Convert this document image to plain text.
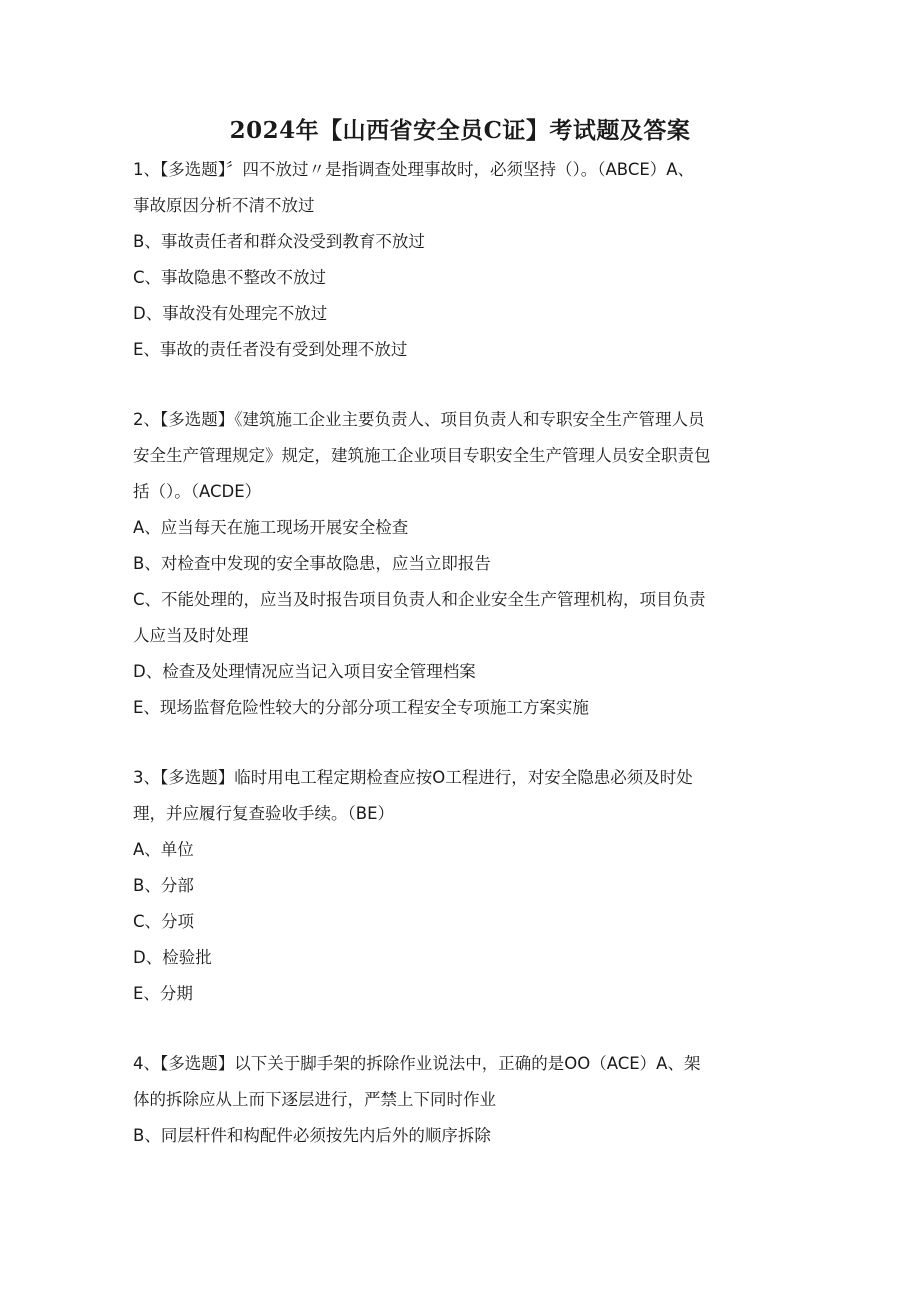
2024年【山西省安全员C证】考试题及答案

1、【多选题】〞四不放过〃是指调查处理事故时，必须坚持（）。（ABCE）A、
事故原因分析不清不放过

B、事故责任者和群众没受到教育不放过

C、事故隐患不整改不放过

D、事故没有处理完不放过

E、事故的责任者没有受到处理不放过

2、【多选题】《建筑施工企业主要负责人、项目负责人和专职安全生产管理人员
安全生产管理规定》规定，建筑施工企业项目专职安全生产管理人员安全职责包
括（）。（ACDE）

A、应当每天在施工现场开展安全检查

B、对检查中发现的安全事故隐患，应当立即报告

C、不能处理的，应当及时报告项目负责人和企业安全生产管理机构，项目负责

人应当及时处理

D、检查及处理情况应当记入项目安全管理档案

E、现场监督危险性较大的分部分项工程安全专项施工方案实施

3、【多选题】临时用电工程定期检查应按O工程进行，对安全隐患必须及时处
理，并应履行复查验收手续。（BE）

A、单位

B、分部

C、分项

D、检验批

E、分期

4、【多选题】以下关于脚手架的拆除作业说法中，正确的是OO（ACE）A、架
体的拆除应从上而下逐层进行，严禁上下同时作业

B、同层杆件和构配件必须按先内后外的顺序拆除
